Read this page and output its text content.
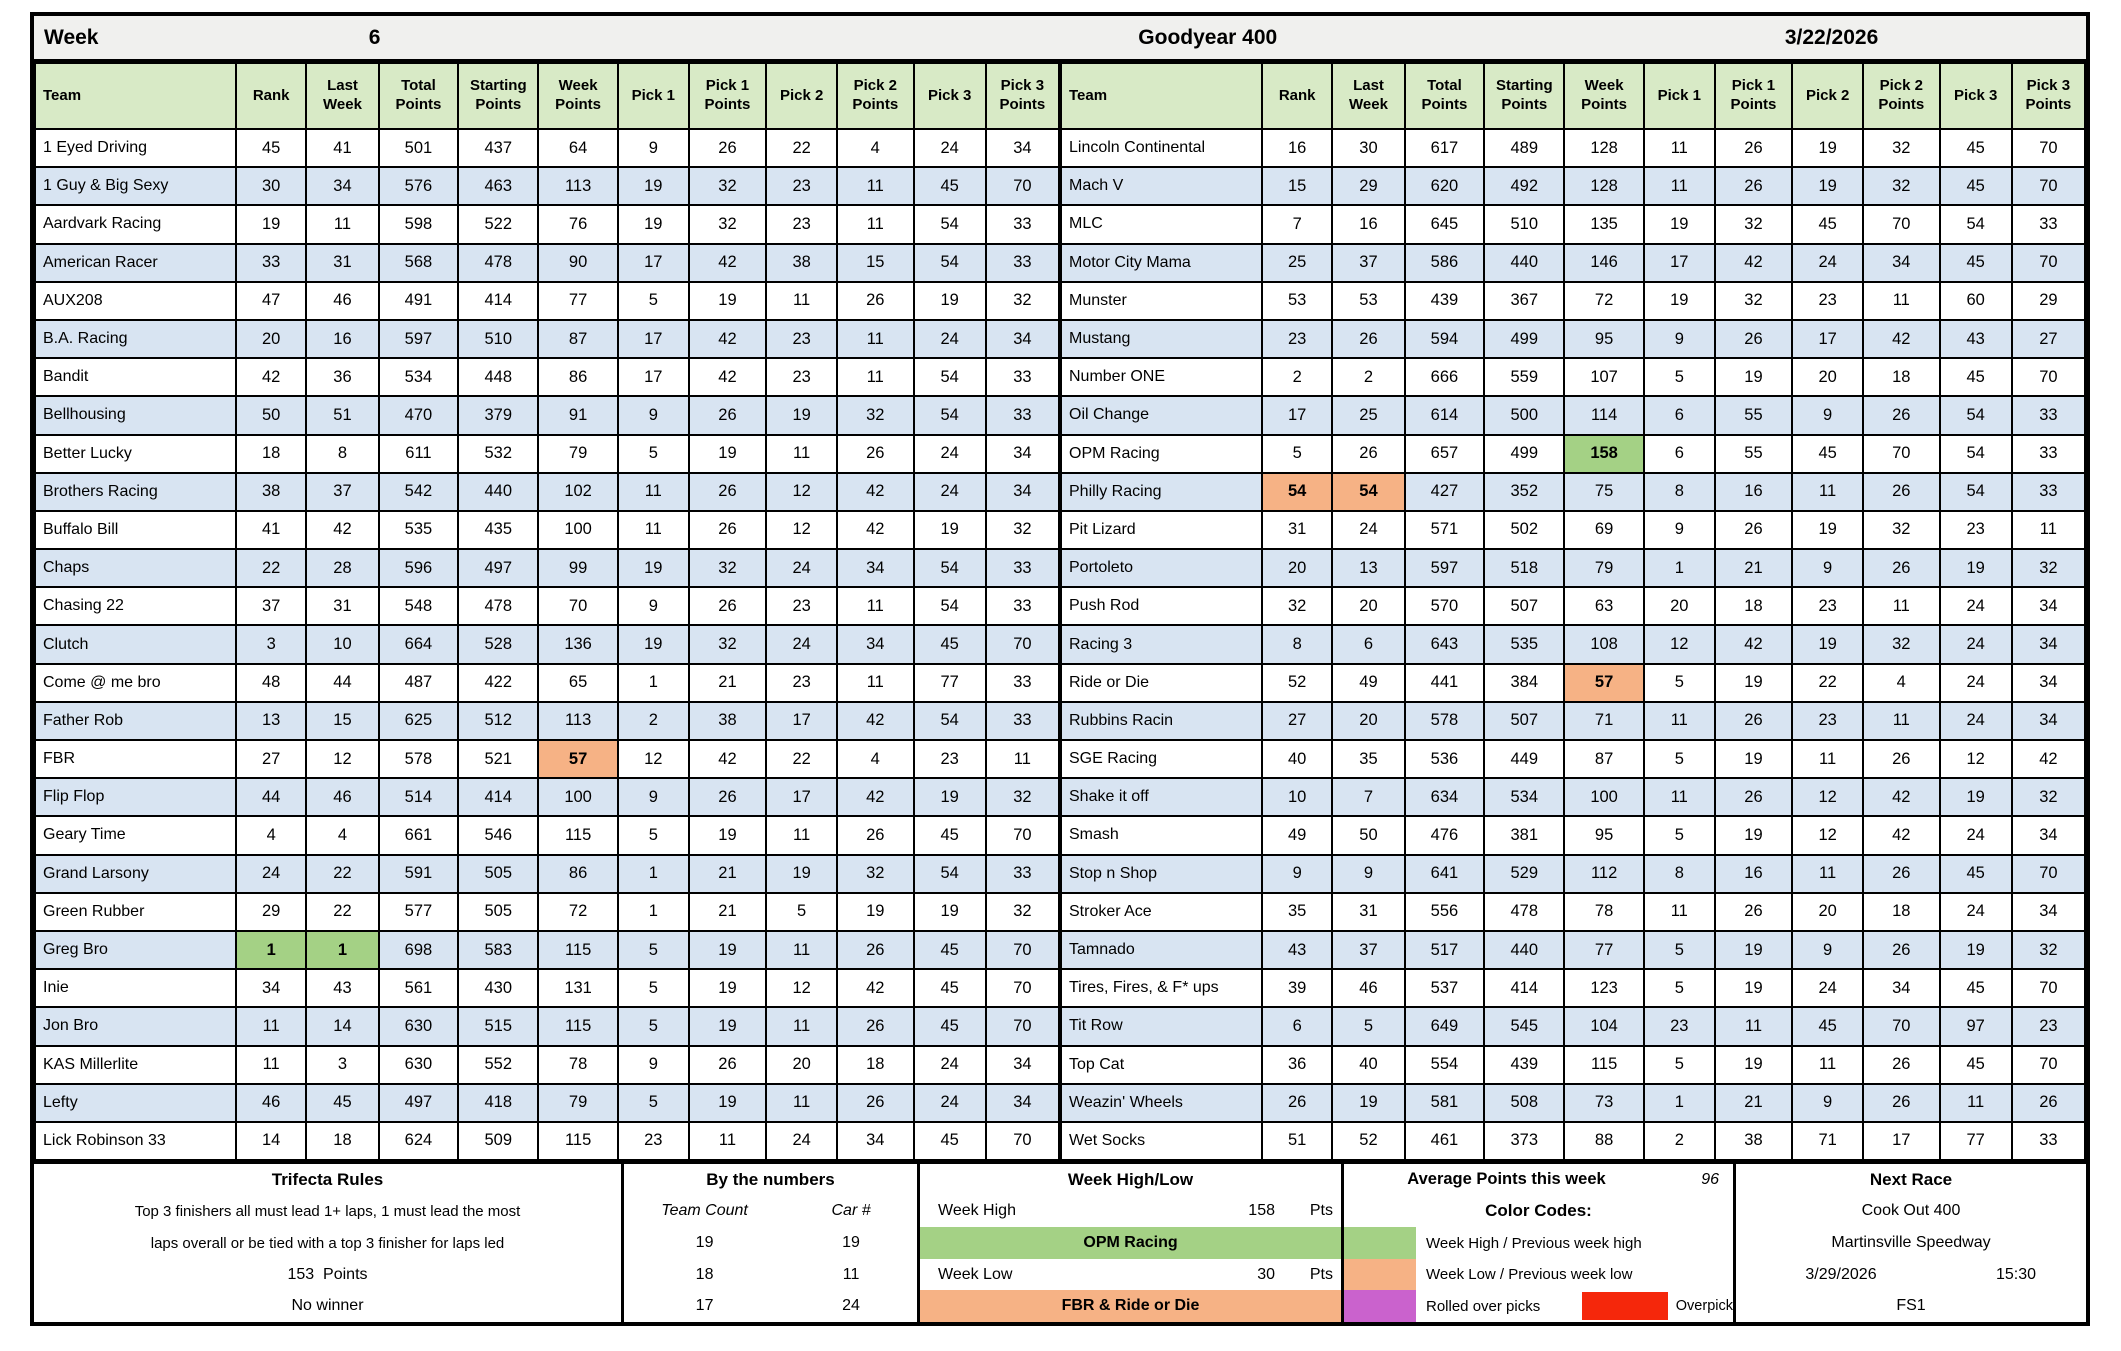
Week	6	Goodyear 400	3/22/2026
Team	Rank	Last Week	Total Points	Starting Points	Week Points	Pick 1	Pick 1 Points	Pick 2	Pick 2 Points	Pick 3	Pick 3 Points
1 Eyed Driving	45	41	501	437	64	9	26	22	4	24	34
1 Guy & Big Sexy	30	34	576	463	113	19	32	23	11	45	70
Aardvark Racing	19	11	598	522	76	19	32	23	11	54	33
American Racer	33	31	568	478	90	17	42	38	15	54	33
AUX208	47	46	491	414	77	5	19	11	26	19	32
B.A. Racing	20	16	597	510	87	17	42	23	11	24	34
Bandit	42	36	534	448	86	17	42	23	11	54	33
Bellhousing	50	51	470	379	91	9	26	19	32	54	33
Better Lucky	18	8	611	532	79	5	19	11	26	24	34
Brothers Racing	38	37	542	440	102	11	26	12	42	24	34
Buffalo Bill	41	42	535	435	100	11	26	12	42	19	32
Chaps	22	28	596	497	99	19	32	24	34	54	33
Chasing 22	37	31	548	478	70	9	26	23	11	54	33
Clutch	3	10	664	528	136	19	32	24	34	45	70
Come @ me bro	48	44	487	422	65	1	21	23	11	77	33
Father Rob	13	15	625	512	113	2	38	17	42	54	33
FBR	27	12	578	521	57	12	42	22	4	23	11
Flip Flop	44	46	514	414	100	9	26	17	42	19	32
Geary Time	4	4	661	546	115	5	19	11	26	45	70
Grand Larsony	24	22	591	505	86	1	21	19	32	54	33
Green Rubber	29	22	577	505	72	1	21	5	19	19	32
Greg Bro	1	1	698	583	115	5	19	11	26	45	70
Inie	34	43	561	430	131	5	19	12	42	45	70
Jon Bro	11	14	630	515	115	5	19	11	26	45	70
KAS Millerlite	11	3	630	552	78	9	26	20	18	24	34
Lefty	46	45	497	418	79	5	19	11	26	24	34
Lick Robinson 33	14	18	624	509	115	23	11	24	34	45	70
Team	Rank	Last Week	Total Points	Starting Points	Week Points	Pick 1	Pick 1 Points	Pick 2	Pick 2 Points	Pick 3	Pick 3 Points
Lincoln Continental	16	30	617	489	128	11	26	19	32	45	70
Mach V	15	29	620	492	128	11	26	19	32	45	70
MLC	7	16	645	510	135	19	32	45	70	54	33
Motor City Mama	25	37	586	440	146	17	42	24	34	45	70
Munster	53	53	439	367	72	19	32	23	11	60	29
Mustang	23	26	594	499	95	9	26	17	42	43	27
Number ONE	2	2	666	559	107	5	19	20	18	45	70
Oil Change	17	25	614	500	114	6	55	9	26	54	33
OPM Racing	5	26	657	499	158	6	55	45	70	54	33
Philly Racing	54	54	427	352	75	8	16	11	26	54	33
Pit Lizard	31	24	571	502	69	9	26	19	32	23	11
Portoleto	20	13	597	518	79	1	21	9	26	19	32
Push Rod	32	20	570	507	63	20	18	23	11	24	34
Racing 3	8	6	643	535	108	12	42	19	32	24	34
Ride or Die	52	49	441	384	57	5	19	22	4	24	34
Rubbins Racin	27	20	578	507	71	11	26	23	11	24	34
SGE Racing	40	35	536	449	87	5	19	11	26	12	42
Shake it off	10	7	634	534	100	11	26	12	42	19	32
Smash	49	50	476	381	95	5	19	12	42	24	34
Stop n Shop	9	9	641	529	112	8	16	11	26	45	70
Stroker Ace	35	31	556	478	78	11	26	20	18	24	34
Tamnado	43	37	517	440	77	5	19	9	26	19	32
Tires, Fires, & F* ups	39	46	537	414	123	5	19	24	34	45	70
Tit Row	6	5	649	545	104	23	11	45	70	97	23
Top Cat	36	40	554	439	115	5	19	11	26	45	70
Weazin' Wheels	26	19	581	508	73	1	21	9	26	11	26
Wet Socks	51	52	461	373	88	2	38	71	17	77	33
Trifecta Rules
Top 3 finishers all must lead 1+ laps, 1 must lead the most
laps overall or be tied with a top 3 finisher for laps led
153  Points
No winner
By the numbers
Team Count	Car #
19	19
18	11
17	24
Week High/Low
Week High	158	Pts
OPM Racing
Week Low	30	Pts
FBR & Ride or Die
Average Points this week	96
Color Codes:
Week High / Previous week high
Week Low / Previous week low
Rolled over picks	Overpick
Next Race
Cook Out 400
Martinsville Speedway
3/29/2026	15:30
FS1
